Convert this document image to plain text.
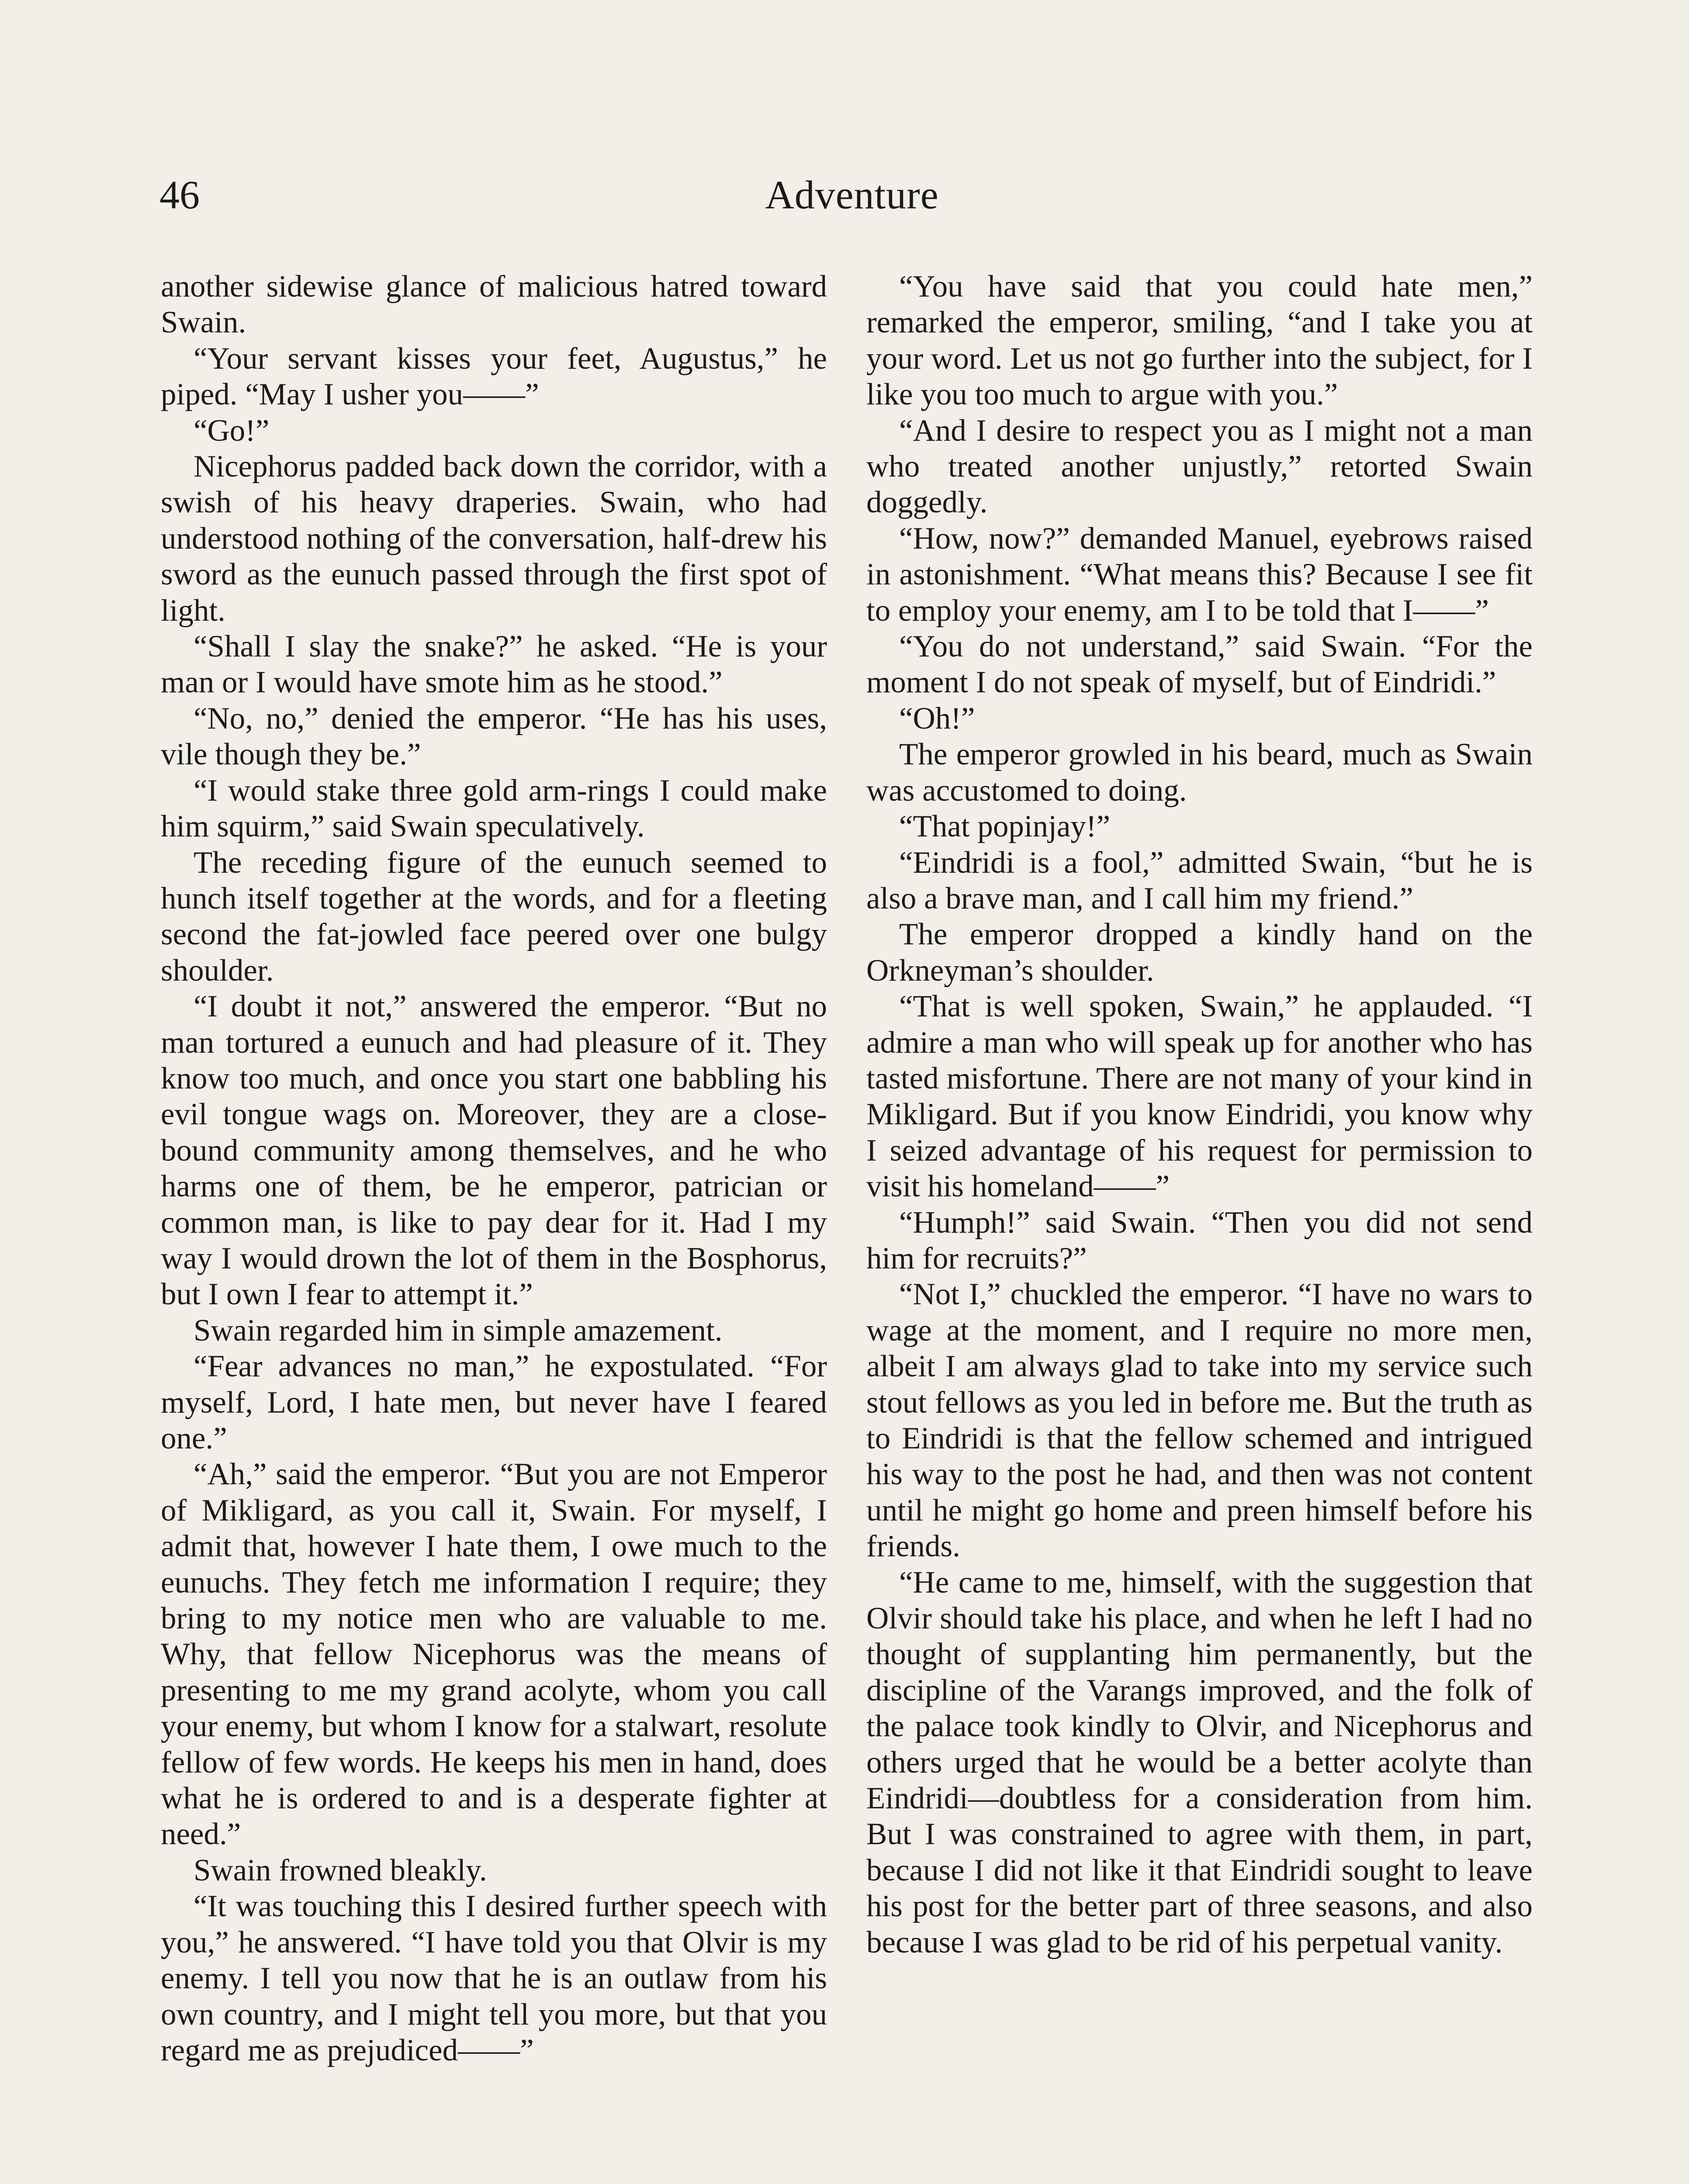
46	Adventure

another sidewise glance of malicious hatred toward Swain.

“Your servant kisses your feet, Augustus,” he piped. “May I usher you——”

“Go!”

Nicephorus padded back down the corridor, with a swish of his heavy draperies. Swain, who had understood nothing of the conversation, half-drew his sword as the eunuch passed through the first spot of light.

“Shall I slay the snake?” he asked. “He is your man or I would have smote him as he stood.”

“No, no,” denied the emperor. “He has his uses, vile though they be.”

“I would stake three gold arm-rings I could make him squirm,” said Swain speculatively.

The receding figure of the eunuch seemed to hunch itself together at the words, and for a fleeting second the fat-jowled face peered over one bulgy shoulder.

“I doubt it not,” answered the emperor. “But no man tortured a eunuch and had pleasure of it. They know too much, and once you start one babbling his evil tongue wags on. Moreover, they are a close-bound community among themselves, and he who harms one of them, be he emperor, patrician or common man, is like to pay dear for it. Had I my way I would drown the lot of them in the Bosphorus, but I own I fear to attempt it.”

Swain regarded him in simple amazement.

“Fear advances no man,” he expostulated. “For myself, Lord, I hate men, but never have I feared one.”

“Ah,” said the emperor. “But you are not Emperor of Mikligard, as you call it, Swain. For myself, I admit that, however I hate them, I owe much to the eunuchs. They fetch me information I require; they bring to my notice men who are valuable to me. Why, that fellow Nicephorus was the means of presenting to me my grand acolyte, whom you call your enemy, but whom I know for a stalwart, resolute fellow of few words. He keeps his men in hand, does what he is ordered to and is a desperate fighter at need.”

Swain frowned bleakly.

“It was touching this I desired further speech with you,” he answered. “I have told you that Olvir is my enemy. I tell you now that he is an outlaw from his own country, and I might tell you more, but that you regard me as prejudiced——”

“You have said that you could hate men,” remarked the emperor, smiling, “and I take you at your word. Let us not go further into the subject, for I like you too much to argue with you.”

“And I desire to respect you as I might not a man who treated another unjustly,” retorted Swain doggedly.

“How, now?” demanded Manuel, eyebrows raised in astonishment. “What means this? Because I see fit to employ your enemy, am I to be told that I——”

“You do not understand,” said Swain. “For the moment I do not speak of myself, but of Eindridi.”

“Oh!”

The emperor growled in his beard, much as Swain was accustomed to doing.

“That popinjay!”

“Eindridi is a fool,” admitted Swain, “but he is also a brave man, and I call him my friend.”

The emperor dropped a kindly hand on the Orkneyman’s shoulder.

“That is well spoken, Swain,” he applauded. “I admire a man who will speak up for another who has tasted misfortune. There are not many of your kind in Mikligard. But if you know Eindridi, you know why I seized advantage of his request for permission to visit his homeland——”

“Humph!” said Swain. “Then you did not send him for recruits?”

“Not I,” chuckled the emperor. “I have no wars to wage at the moment, and I require no more men, albeit I am always glad to take into my service such stout fellows as you led in before me. But the truth as to Eindridi is that the fellow schemed and intrigued his way to the post he had, and then was not content until he might go home and preen himself before his friends.

“He came to me, himself, with the suggestion that Olvir should take his place, and when he left I had no thought of supplanting him permanently, but the discipline of the Varangs improved, and the folk of the palace took kindly to Olvir, and Nicephorus and others urged that he would be a better acolyte than Eindridi—doubtless for a consideration from him. But I was constrained to agree with them, in part, because I did not like it that Eindridi sought to leave his post for the better part of three seasons, and also because I was glad to be rid of his perpetual vanity.
